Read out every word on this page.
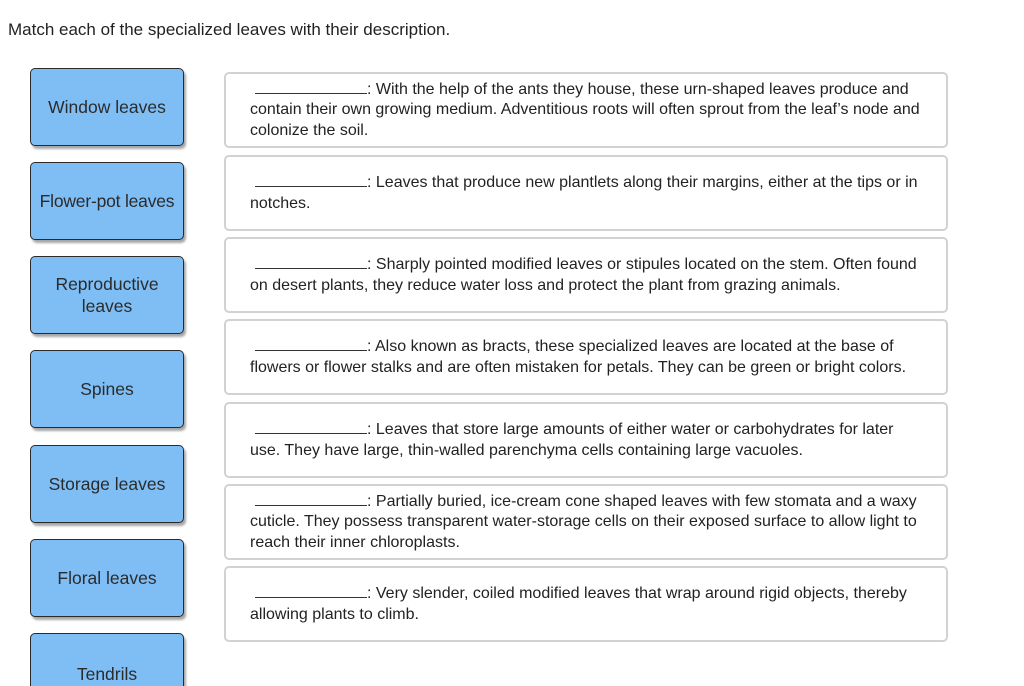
Match each of the specialized leaves with their description.
Window leaves
Flower-pot leaves
Reproductive leaves
Spines
Storage leaves
Floral leaves
Tendrils
: With the help of the ants they house, these urn-shaped leaves produce and contain their own growing medium. Adventitious roots will often sprout from the leaf’s node and colonize the soil.
: Leaves that produce new plantlets along their margins, either at the tips or in notches.
: Sharply pointed modified leaves or stipules located on the stem. Often found on desert plants, they reduce water loss and protect the plant from grazing animals.
: Also known as bracts, these specialized leaves are located at the base of flowers or flower stalks and are often mistaken for petals. They can be green or bright colors.
: Leaves that store large amounts of either water or carbohydrates for later use. They have large, thin-walled parenchyma cells containing large vacuoles.
: Partially buried, ice-cream cone shaped leaves with few stomata and a waxy cuticle. They possess transparent water-storage cells on their exposed surface to allow light to reach their inner chloroplasts.
: Very slender, coiled modified leaves that wrap around rigid objects, thereby allowing plants to climb.
